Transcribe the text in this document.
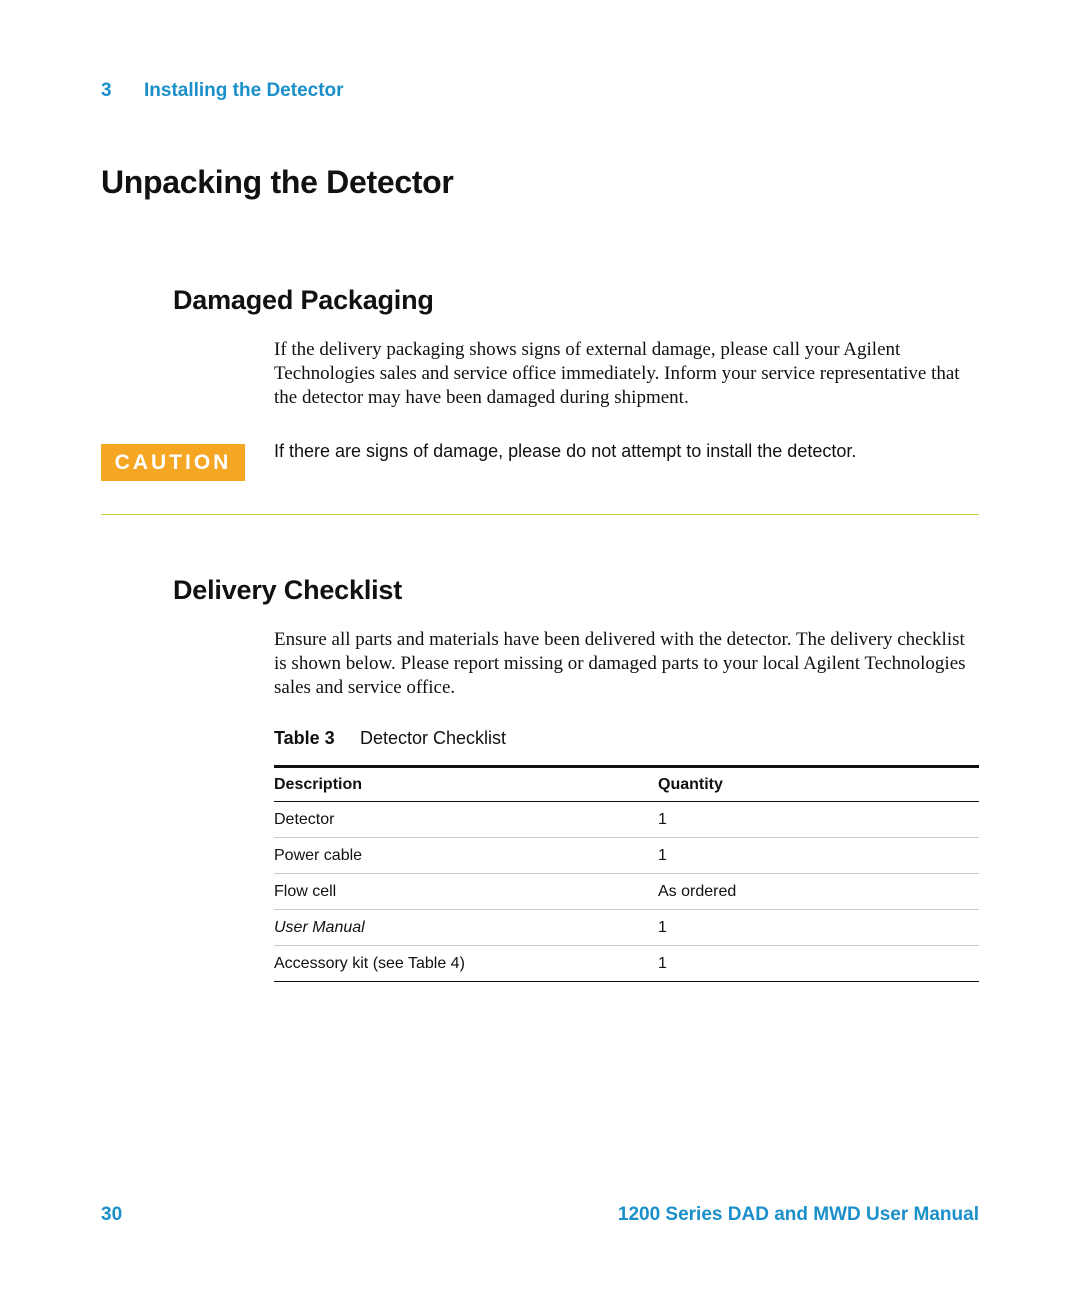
3 Installing the Detector
Unpacking the Detector
Damaged Packaging

If the delivery packaging shows signs of external damage, please call your Agilent Technologies sales and service office immediately. Inform your service representative that the detector may have been damaged during shipment.

CAUTION	If there are signs of damage, please do not attempt to install the detector.
Delivery Checklist

Ensure all parts and materials have been delivered with the detector. The delivery checklist is shown below. Please report missing or damaged parts to your local Agilent Technologies sales and service office.

Table 3 Detector Checklist
Description	Quantity
Detector	1
Power cable	1
Flow cell	As ordered
User Manual	1
Accessory kit (see Table 4)	1
30	1200 Series DAD and MWD User Manual
